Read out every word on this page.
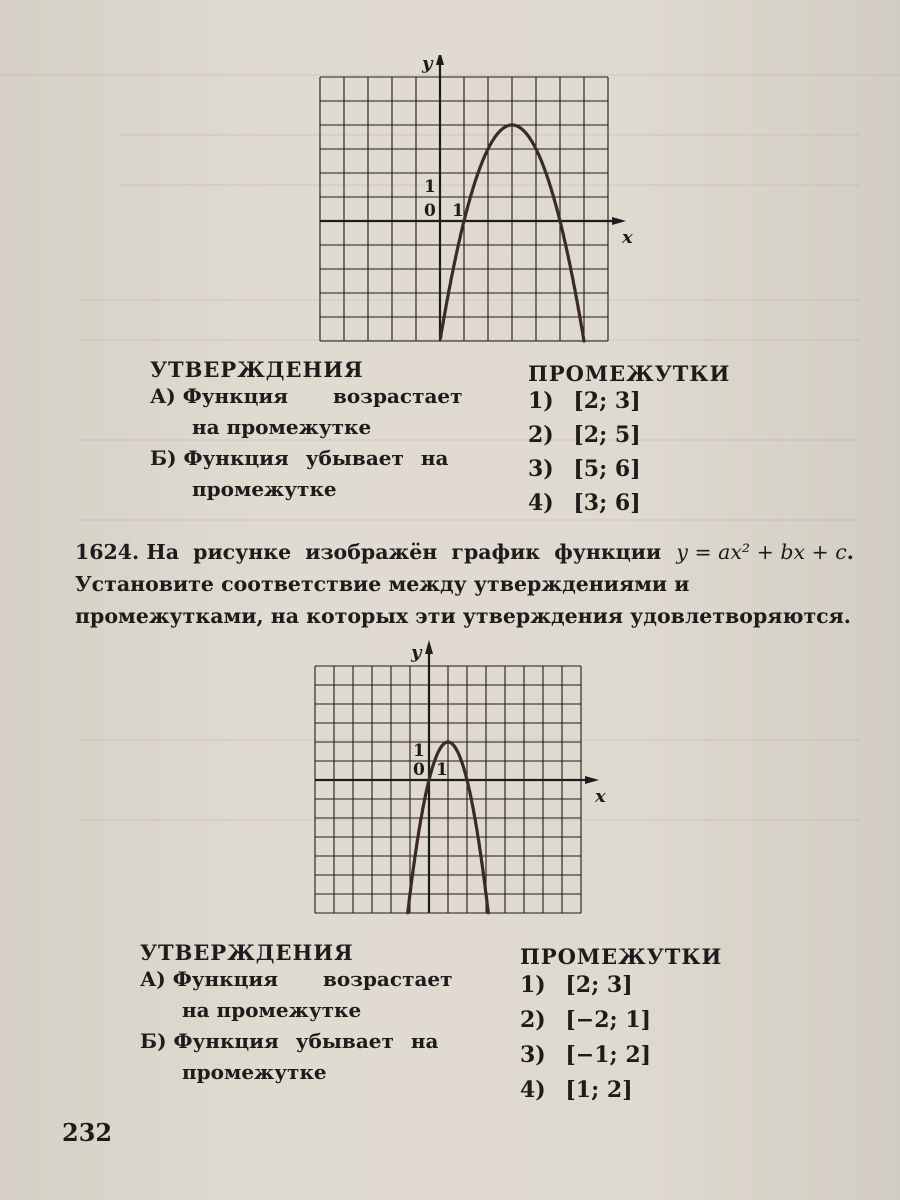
y
x
0 1
1
УТВЕРЖДЕНИЯ	ПРОМЕЖУТКИ
А) Функция возрастает
на промежутке
Б) Функция убывает на
промежутке
1) [2; 3]
2) [2; 5]
3) [5; 6]
4) [3; 6]
1624. На рисунке изображён график функции y = ax² + bx + c.
Установите соответствие между утверждениями и промежутками, на которых эти утверждения удовлетворяются.
y
x
0 1
1
УТВЕРЖДЕНИЯ	ПРОМЕЖУТКИ
А) Функция возрастает
на промежутке
Б) Функция убывает на
промежутке
1) [2; 3]
2) [−2; 1]
3) [−1; 2]
4) [1; 2]
232
